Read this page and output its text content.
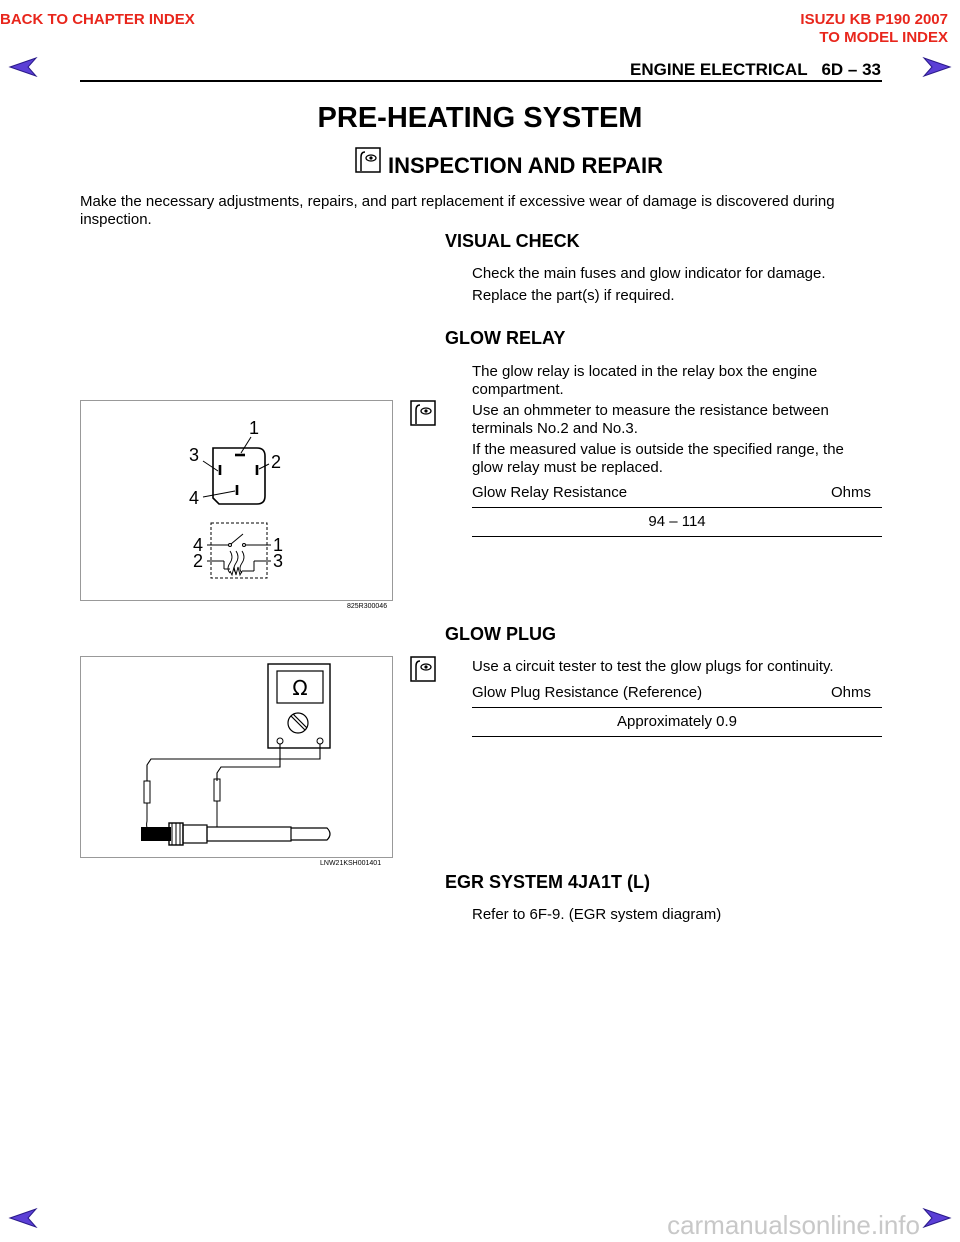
BACK TO CHAPTER INDEX	ISUZU KB P190 2007
TO MODEL INDEX
ENGINE ELECTRICAL   6D – 33
PRE-HEATING SYSTEM
INSPECTION AND REPAIR
Make the necessary adjustments, repairs, and part replacement if excessive wear of damage is discovered during
inspection.
VISUAL CHECK
Check the main fuses and glow indicator for damage.
Replace the part(s) if required.
GLOW RELAY
The glow relay is located in the relay box the engine
compartment.
Use an ohmmeter to measure the resistance between
terminals No.2 and No.3.
If the measured value is outside the specified range, the
glow relay must be replaced.
Glow Relay Resistance	Ohms
94 – 114
1
2
3
4
4
2
1
3
825R300046
GLOW PLUG
Use a circuit tester to test the glow plugs for continuity.
Glow Plug Resistance (Reference)	Ohms
Approximately 0.9
Ω
LNW21KSH001401
EGR SYSTEM 4JA1T (L)
Refer to 6F-9. (EGR system diagram)
carmanualsonline.info
